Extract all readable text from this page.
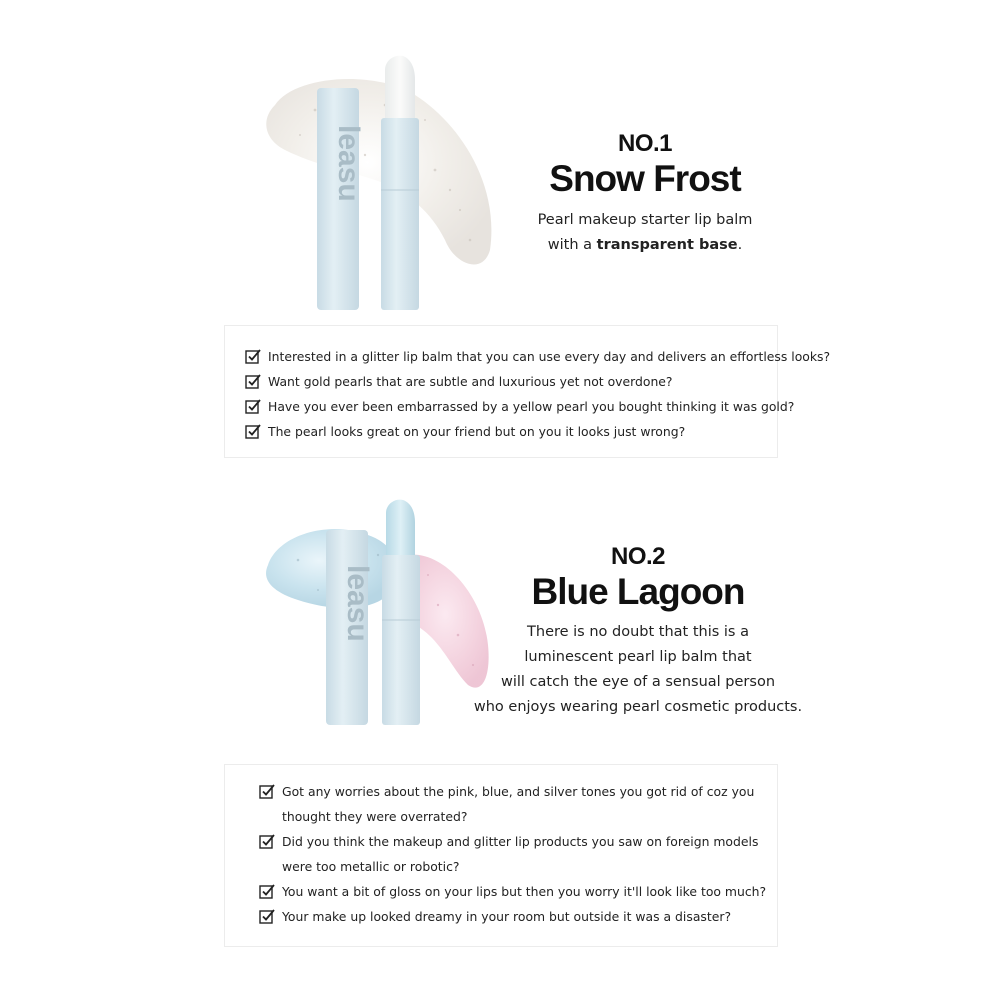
leasu	NO.1
Snow Frost
Pearl makeup starter lip balm
with a transparent base.
Interested in a glitter lip balm that you can use every day and delivers an effortless looks?
Want gold pearls that are subtle and luxurious yet not overdone?
Have you ever been embarrassed by a yellow pearl you bought thinking it was gold?
The pearl looks great on your friend but on you it looks just wrong?
leasu
NO.2
Blue Lagoon
There is no doubt that this is a
luminescent pearl lip balm that
will catch the eye of a sensual person
who enjoys wearing pearl cosmetic products.
Got any worries about the pink, blue, and silver tones you got rid of coz you
thought they were overrated?
Did you think the makeup and glitter lip products you saw on foreign models
were too metallic or robotic?
You want a bit of gloss on your lips but then you worry it'll look like too much?
Your make up looked dreamy in your room but outside it was a disaster?
